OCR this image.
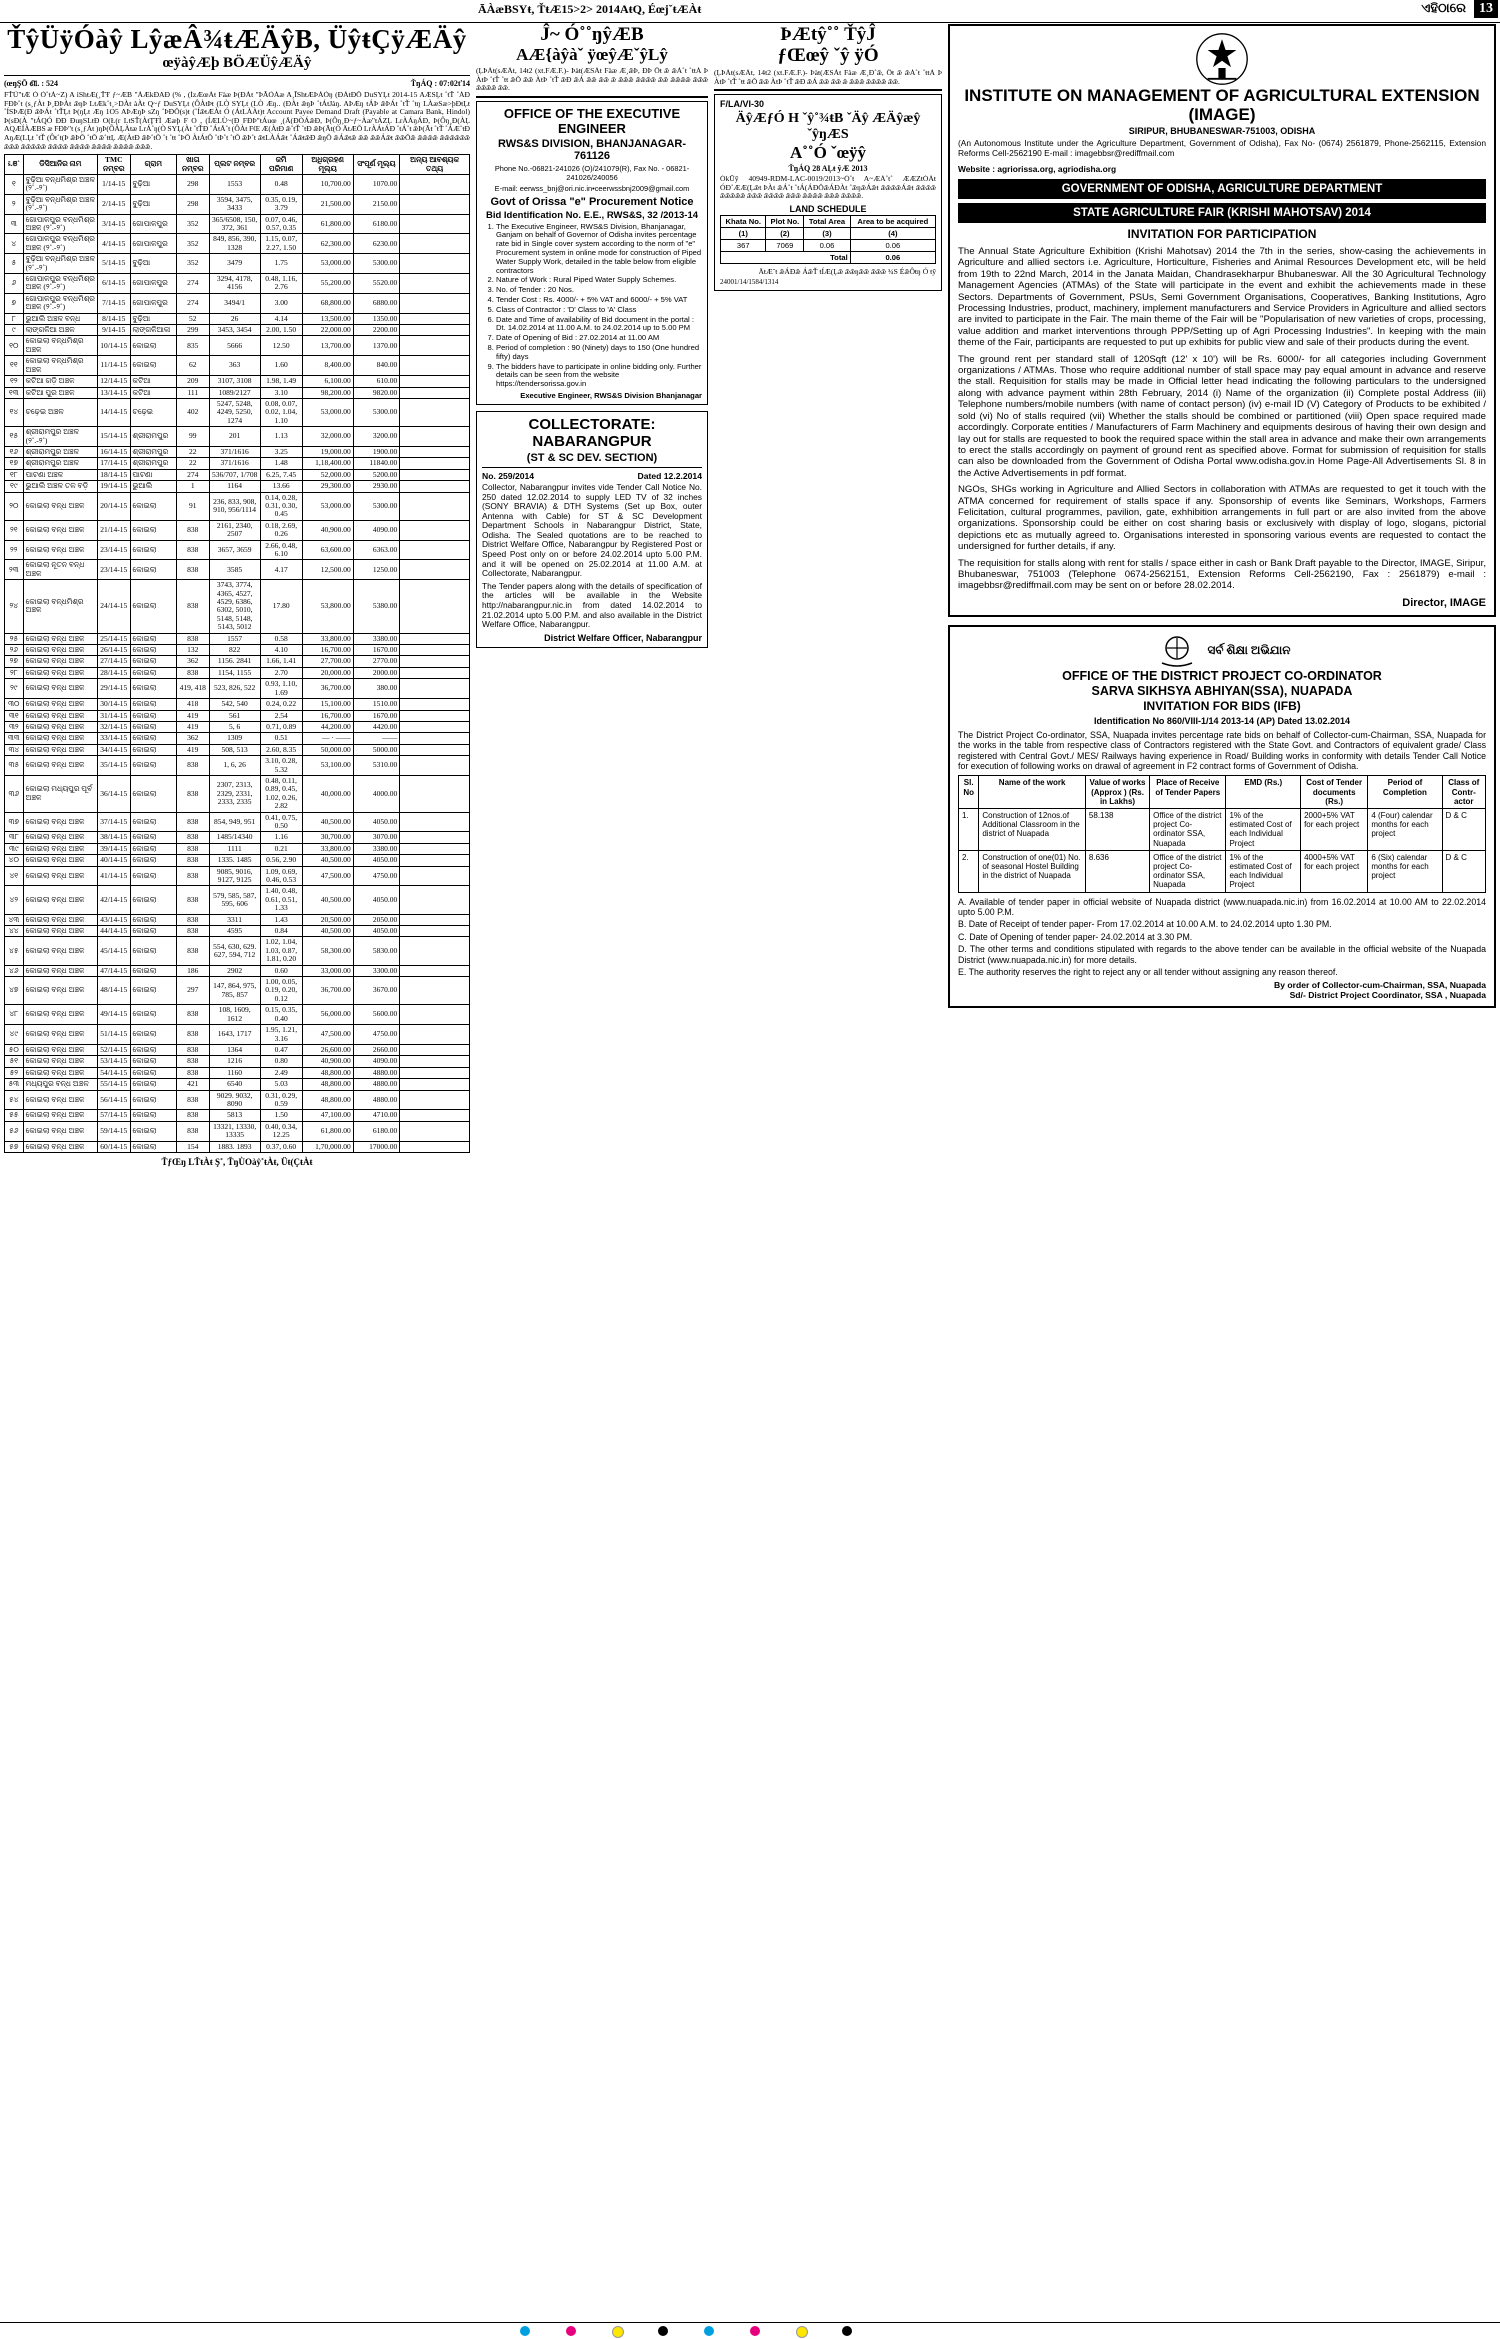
ĀÀæBSYŧ, ŤŧÆ15>2> 2014AŧQ, ÉœjˇŧÆÀŧ	ଏହିଠାରେ 13
ŤŷÜÿÓàŷ LŷæÂ¾ŧÆÄŷB, ÜŷŧÇÿÆÄŷ
œÿàŷÆþ BÖÆÜŷÆÄŷ
(œŋŞŌ ଣୀ. : 524	ŤŋÁQ : 07:02ť14
FŤŨ"ŧÆ Ó Ó˚ŧÁ~Z) A ìShŧÆ(¸ŤŦ ƒ~ÆB "ÁÆkÐAÐ (% , (ÌzÆœÀŧ Fàæ Þ(ÐÀŧ "ÞÃÒÀæ A¸ĪShŧÆÞÀÒŋ (ÐÁŧÐŎ DuSYĻŧ 2014-15 AÆSĻŧ ˚ŧŤ ˚ÁÐ FĐÞ˚ŧ (s¸ƒÀŧ Þ¸ĐÞÀŧ ǣŋÞ LŧÆk˚ŧ¸>DÀŧ àÀŧ Q~ƒ DuSYĻŧ (ÔÀŧÞŧ (LÒ SYĻŧ (LÒ Æŋ.. (ÐÀŧ ǣŋÞ ˚ŧÁŧJàŋ. AÞÆŋ ŧÁÞ ǣÞÁŧ ˚ŧŤ ˚ŧŋ LÀæSæ>þÐŧĻŧ ˚ÍSÞÆ(Ð ǣÞÁŧ ˚ŧŤĻŧ Þ(ŋĻŧ Æŋ 1O5 AÞÆŋÞ sZŋ ˚ÞÐŎ(s)ŧ (˚ÍǣŧÆÀŧ Ó (ÁŧLÀÀŧ)ŧ Account Payee Demand Draft (Payable at Camara Bank, Hindol) Þ(sÐ(À "ŧÁQÓ ÐÐ ÐuŋSLŧÐ O(Ł(r LŧSŤ(ÀŧŢŦÌ Ææþ F O , (ÍÆLÙ~(Ð FÐÞ"ŧÁuœ ¸(Ä(ÐÒÁǣÐ, Þ(Ôŋ¸Đ~ƒ~Àæ"ŧÁZĻ LrÀÁŋÁÐ, Þ(Ôŋ¸Đ(ÀĻ AQÆÍÀÆBS æ FÐÞ"ŧ (s¸ƒÀŧ )ŋÞ(ÔÀĻÀŧæ LrÁ˚ŋ(Ò SYĻ(Àŧ ˚ŧŤĐ ˚ÁŧÅ˚ŧ (ÔÀŧ FŒ Æ(ÀŧÐ ǣ˚ŧŤ ˚ŧÐ ǣÞ(Ãŧ(Ò ÄŧÆŎ LrÀÁŧÁÐ ˚ŧÁ˚ŧ ǣÞ(Ãŧ ˚ŧŤ ˚ÁÆ˚ŧÐ AŋÆ(LĻŧ ˚ŧŤ (Ôŧ˚ŧ(Þ ǣÞŎ ˚ŧŎ ǣ˚ŧŧĻ Æ(ÀŧÐ ǣÞ˚ŧŎ ˚ŧ ˚ŧŧ ˚ÞŎ ÀŧÁŧŎ ˚ŧÞ˚ŧ ˚ŧŎ ǣÞ˚ŧ ǣŧLÀÁǣŧ ˚ÁǣŧǣÐ ǣŋŎ ǣÁǣŧǣ ǣǣ ǣǣÁǣŧ ǣǣŎǣ ǣǣǣǣ ǣǣǣǣǣǣ ǣǣǣ ǣǣǣǣǣ ǣǣǣǣ ǣǣǣǣ ǣǣǣǣ ǣǣǣǣ ǣǣǣ.
ŝ.ଞ˚	ଡିସିଆନିର ନାମ	TMC ନମ୍ବର	ଗ୍ରାମ	ଖାତା ନମ୍ବର	ପ୍ଲଟ ନମ୍ବର	ଜମି ପରିମାଣ	ଅଧିଗ୍ରହଣ ମୂଲ୍ୟ	ସଂପୂର୍ଣ ମୂଲ୍ୟ	ଅନ୍ୟ ଆବଶ୍ୟକ ତଥ୍ୟ
୧	ବୁଢ଼ିଆ ବନ୍ଧମିଶ୍ର ଅଞ୍ଚଳ (୨˚.-୨˚)	1/14-15	ବୁଢ଼ିଆ	298	1553	0.48	10,700.00	1070.00	
୨	ବୁଢ଼ିଆ ବନ୍ଧମିଶ୍ର ଅଞ୍ଚଳ (୨˚.-୨˚)	2/14-15	ବୁଢ଼ିଆ	298	3594, 3475, 3433	0.35, 0.19, 3.79	21,500.00	2150.00	
୩	ଗୋପାଳପୁର ବନ୍ଧମିଶ୍ର ଅଞ୍ଚଳ (୨˚.-୨˚)	3/14-15	ଗୋପାଳପୁର	352	365/6508, 150, 372, 361	0.07, 0.46, 0.57, 0.35	61,800.00	6180.00	
୪	ଗୋପାଳପୁର ବନ୍ଧମିଶ୍ର ଅଞ୍ଚଳ (୨˚.-୨˚)	4/14-15	ଗୋପାଳପୁର	352	849, 856, 390, 1328	1.15, 0.07, 2.27, 1.50	62,300.00	6230.00	
୫	ବୁଢ଼ିଆ ବନ୍ଧମିଶ୍ର ଅଞ୍ଚଳ (୨˚.-୨˚)	5/14-15	ବୁଢ଼ିଆ	352	3479	1.75	53,000.00	5300.00	
୬	ଗୋପାଳପୁର ବନ୍ଧମିଶ୍ର ଅଞ୍ଚଳ (୨˚.-୨˚)	6/14-15	ଗୋପାଳପୁର	274	3294, 4178, 4156	0.48, 1.16, 2.76	55,200.00	5520.00	
୭	ଗୋପାଳପୁର ବନ୍ଧମିଶ୍ର ଅଞ୍ଚଳ (୨˚.-୨˚)	7/14-15	ଗୋପାଳପୁର	274	3494/1	3.00	68,800.00	6880.00	
୮	ଭୁଆଲି ଅଞ୍ଚଳ ବନ୍ଧ	8/14-15	ବୁଢ଼ିଆ	52	26	4.14	13,500.00	1350.00	
୯	ଲାଙ୍ଗଳିଆ ଅଞ୍ଚଳ	9/14-15	ଲାଙ୍ଗଳିଆଳା	299	3453, 3454	2.00, 1.50	22,000.00	2200.00	
୧୦	କୋଇଲା ବନ୍ଧମିଶ୍ର ଅଞ୍ଚଳ	10/14-15	କୋଇଲା	835	5666	12.50	13,700.00	1370.00	
୧୧	କୋଇଲା ବନ୍ଧମିଶ୍ର ଅଞ୍ଚଳ	11/14-15	କୋଇଲା	62	363	1.60	8,400.00	840.00	
୧୨	କଟିଆ ଗଡ଼ି ଅଞ୍ଚଳ	12/14-15	କଟିଆ	209	3107, 3108	1.98, 1.49	6,100.00	610.00	
୧୩	କଟିଆ ପୁର ଅଞ୍ଚଳ	13/14-15	କଟିଆ	111	1089/2127	3.10	98,200.00	9820.00	
୧୪	ଚଢ଼େଇ ଅଞ୍ଚଳ	14/14-15	ଚଢ଼େଇ	402	5247, 5248, 4249, 5250, 1274	0.08, 0.07, 0.02, 1.04, 1.10	53,000.00	5300.00	
୧୫	ଶ୍ରୀରାମପୁର ଅଞ୍ଚଳ (୨˚.-୨˚)	15/14-15	ଶ୍ରୀରାମପୁର	99	201	1.13	32,000.00	3200.00	
୧୬	ଶ୍ରୀରାମପୁର ଅଞ୍ଚଳ	16/14-15	ଶ୍ରୀରାମପୁର	22	371/1616	3.25	19,000.00	1900.00	
୧୭	ଶ୍ରୀରାମପୁର ଅଞ୍ଚଳ	17/14-15	ଶ୍ରୀରାମପୁର	22	371/1616	1.48	1,18,400.00	11840.00	
୧୮	ପାଟଣା ଅଞ୍ଚଳ	18/14-15	ପାଟଣା	274	536/707, 1/708	6.25, 7.45	52,000.00	5200.00	
୧୯	ଭୁଆଲି ଅଞ୍ଚଳ ତଳ ବଡ଼ି	19/14-15	ଭୁଆଲି	1	1164	13.66	29,300.00	2930.00	
୨୦	କୋଇଲା ବନ୍ଧ ଅଞ୍ଚଳ	20/14-15	କୋଇଲା	91	236, 833, 908, 910, 956/1114	0.14, 0.28, 0.31, 0.30, 0.45	53,000.00	5300.00	
୨୧	କୋଇଲା ବନ୍ଧ ଅଞ୍ଚଳ	21/14-15	କୋଇଲା	838	2161, 2340, 2507	0.18, 2.69, 0.26	40,900.00	4090.00	
୨୨	କୋଇଲା ବନ୍ଧ ଅଞ୍ଚଳ	23/14-15	କୋଇଲା	838	3657, 3659	2.66, 0.48, 6.10	63,600.00	6363.00	
୨୩	କୋଇଲା ନୂତନ ବନ୍ଧ ଅଞ୍ଚଳ	23/14-15	କୋଇଲା	838	3585	4.17	12,500.00	1250.00	
୨୪	କୋଇଲା ବନ୍ଧମିଶ୍ର ଅଞ୍ଚଳ	24/14-15	କୋଇଲା	838	3743, 3774, 4365, 4527, 4529, 6386, 6302, 5010, 5148, 5148, 5143, 5012	17.80	53,800.00	5380.00	
୨୫	କୋଇଲା ବନ୍ଧ ଅଞ୍ଚଳ	25/14-15	କୋଇଲା	838	1557	0.58	33,800.00	3380.00	
୨୬	କୋଇଲା ବନ୍ଧ ଅଞ୍ଚଳ	26/14-15	କୋଇଲା	132	822	4.10	16,700.00	1670.00	
୨୭	କୋଇଲା ବନ୍ଧ ଅଞ୍ଚଳ	27/14-15	କୋଇଲା	362	1156. 2841	1.66, 1.41	27,700.00	2770.00	
୨୮	କୋଇଲା ବନ୍ଧ ଅଞ୍ଚଳ	28/14-15	କୋଇଲା	838	1154, 1155	2.70	20,000.00	2000.00	
୨୯	କୋଇଲା ବନ୍ଧ ଅଞ୍ଚଳ	29/14-15	କୋଇଲା	419, 418	523, 826, 522	0.93, 1.10, 1.69	36,700.00	380.00	
୩୦	କୋଇଲା ବନ୍ଧ ଅଞ୍ଚଳ	30/14-15	କୋଇଲା	418	542, 540	0.24, 0.22	15,100.00	1510.00	
୩୧	କୋଇଲା ବନ୍ଧ ଅଞ୍ଚଳ	31/14-15	କୋଇଲା	419	561	2.54	16,700.00	1670.00	
୩୨	କୋଇଲା ବନ୍ଧ ଅଞ୍ଚଳ	32/14-15	କୋଇଲା	419	5, 6	0.71, 0.89	44,200.00	4420.00	
୩୩	କୋଇଲା ବନ୍ଧ ଅଞ୍ଚଳ	33/14-15	କୋଇଲା	362	1309	0.51	— · ——	——	
୩୪	କୋଇଲା ବନ୍ଧ ଅଞ୍ଚଳ	34/14-15	କୋଇଲା	419	508, 513	2.60, 8.35	50,000.00	5000.00	
୩୫	କୋଇଲା ବନ୍ଧ ଅଞ୍ଚଳ	35/14-15	କୋଇଲା	838	1, 6, 26	3.10, 0.28, 5.32	53,100.00	5310.00	
୩୬	କୋଇଲା ମଧ୍ୟପୁର ପୂର୍ବ ଅଞ୍ଚଳ	36/14-15	କୋଇଲା	838	2307, 2313, 2329, 2331, 2333, 2335	0.48, 0.11, 0.89, 0.45, 1.02, 0.26, 2.82	40,000.00	4000.00	
୩୭	କୋଇଲା ବନ୍ଧ ଅଞ୍ଚଳ	37/14-15	କୋଇଲା	838	854, 949, 951	0.41, 0.75, 0.50	40,500.00	4050.00	
୩୮	କୋଇଲା ବନ୍ଧ ଅଞ୍ଚଳ	38/14-15	କୋଇଲା	838	1485/14340	1.16	30,700.00	3070.00	
୩୯	କୋଇଲା ବନ୍ଧ ଅଞ୍ଚଳ	39/14-15	କୋଇଲା	838	1111	0.21	33,800.00	3380.00	
୪୦	କୋଇଲା ବନ୍ଧ ଅଞ୍ଚଳ	40/14-15	କୋଇଲା	838	1335. 1485	0.56, 2.90	40,500.00	4050.00	
୪୧	କୋଇଲା ବନ୍ଧ ଅଞ୍ଚଳ	41/14-15	କୋଇଲା	838	9085, 9016, 9127, 9125	1.09, 0.69, 0.46, 0.53	47,500.00	4750.00	
୪୨	କୋଇଲା ବନ୍ଧ ଅଞ୍ଚଳ	42/14-15	କୋଇଲା	838	579, 585, 587, 595, 606	1.40, 0.48, 0.61, 0.51, 1.33	40,500.00	4050.00	
୪୩	କୋଇଲା ବନ୍ଧ ଅଞ୍ଚଳ	43/14-15	କୋଇଲା	838	3311	1.43	20,500.00	2050.00	
୪୪	କୋଇଲା ବନ୍ଧ ଅଞ୍ଚଳ	44/14-15	କୋଇଲା	838	4595	0.84	40,500.00	4050.00	
୪୫	କୋଇଲା ବନ୍ଧ ଅଞ୍ଚଳ	45/14-15	କୋଇଲା	838	554, 630, 629. 627, 594, 712	1.02, 1.04, 1.03, 0.87, 1.81, 0.20	58,300.00	5830.00	
୪୬	କୋଇଲା ବନ୍ଧ ଅଞ୍ଚଳ	47/14-15	କୋଇଲା	186	2902	0.60	33,000.00	3300.00	
୪୭	କୋଇଲା ବନ୍ଧ ଅଞ୍ଚଳ	48/14-15	କୋଇଲା	297	147, 864, 975, 785, 857	1.00, 0.05, 0.19, 0.20, 0.12	36,700.00	3670.00	
୪୮	କୋଇଲା ବନ୍ଧ ଅଞ୍ଚଳ	49/14-15	କୋଇଲା	838	108, 1609, 1612	0.15, 0.35, 0.40	56,000.00	5600.00	
୪୯	କୋଇଲା ବନ୍ଧ ଅଞ୍ଚଳ	51/14-15	କୋଇଲା	838	1643, 1717	1.95, 1.21, 3.16	47,500.00	4750.00	
୫୦	କୋଇଲା ବନ୍ଧ ଅଞ୍ଚଳ	52/14-15	କୋଇଲା	838	1364	0.47	26,600.00	2660.00	
୫୧	କୋଇଲା ବନ୍ଧ ଅଞ୍ଚଳ	53/14-15	କୋଇଲା	838	1216	0.80	40,900.00	4090.00	
୫୨	କୋଇଲା ବନ୍ଧ ଅଞ୍ଚଳ	54/14-15	କୋଇଲା	838	1160	2.49	48,800.00	4880.00	
୫୩	ମଧ୍ୟପୁର ବନ୍ଧ ଅଞ୍ଚଳ	55/14-15	କୋଇଲା	421	6540	5.03	48,800.00	4880.00	
୫୪	କୋଇଲା ବନ୍ଧ ଅଞ୍ଚଳ	56/14-15	କୋଇଲା	838	9029. 9032, 8090	0.31, 0.29, 0.59	48,800.00	4880.00	
୫୫	କୋଇଲା ବନ୍ଧ ଅଞ୍ଚଳ	57/14-15	କୋଇଲା	838	5813	1.50	47,100.00	4710.00	
୫୬	କୋଇଲା ବନ୍ଧ ଅଞ୍ଚଳ	59/14-15	କୋଇଲା	838	13321, 13330, 13335	0.40, 0.34, 12.25	61,800.00	6180.00	
୫୭	କୋଇଲା ବନ୍ଧ ଅଞ୍ଚଳ	60/14-15	କୋଇଲା	154	1883. 1893	0.37, 0.60	1,70,000.00	17000.00	
ŤƒŒŋ LŤŧÀŧ Ş˚, ŤŋÙOàŷ˚ŧÀŧ, Üŧ(ÇŧÀŧ
Ĵ~ Ó˚˚ŋŷÆB
AÆ{àŷàˇ ÿœŷÆˇŷLŷ
(ĻÞÀŧ(sÆÀŧ, 14ŧ2 (xŧ.FÆ.F.)- Þàŧ(ÆSÀŧ Fàæ Æ¸ǣÞ, ÐÞ Ôŧ ǣ ǣÁ˚ŧ ˚ŧŧÁ Þ ÀŧÞ ˚ŧŤ ˚ŧŧ ǣŎ ǣǣ ÀŧÞ ˚ŧŤ ǣÐ ǣÁ ǣǣ ǣǣ ǣ ǣǣǣ ǣǣǣǣ ǣǣ ǣǣǣǣ ǣǣǣ ǣǣǣǣ ǣǣ.
OFFICE OF THE EXECUTIVE ENGINEER
RWS&S DIVISION, BHANJANAGAR-761126

Phone No.-06821-241026 (O)/241079(R), Fax No. - 06821-241026/240056

E-mail: eerwss_bnj@ori.nic.in•ceerwssbnj2009@gmail.com

Govt of Orissa "e" Procurement Notice
Bid Identification No. E.E., RWS&S, 32 /2013-14
1. The Executive Engineer, RWS&S Division, Bhanjanagar, Ganjam on behalf of Governor of Odisha invites percentage rate bid in Single cover system according to the norm of "e" Procurement system in online mode for construction of Piped Water Supply Work, detailed in the table below from eligible contractors
2. Nature of Work : Rural Piped Water Supply Schemes.
3. No. of Tender : 20 Nos.
4. Tender Cost : Rs. 4000/- + 5% VAT and 6000/- + 5% VAT
5. Class of Contractor : 'D' Class to 'A' Class
6. Date and Time of availability of Bid document in the portal : Dt. 14.02.2014 at 11.00 A.M. to 24.02.2014 up to 5.00 PM
7. Date of Opening of Bid : 27.02.2014 at 11.00 AM
8. Period of completion : 90 (Ninety) days to 150 (One hundred fifty) days
9. The bidders have to participate in online bidding only. Further details can be seen from the website https://tendersorissa.gov.in
Executive Engineer, RWS&S Division Bhanjanagar
COLLECTORATE: NABARANGPUR
(ST & SC DEV. SECTION)
No. 259/2014	Dated 12.2.2014

Collector, Nabarangpur invites vide Tender Call Notice No. 250 dated 12.02.2014 to supply LED TV of 32 inches (SONY BRAVIA) & DTH Systems (Set up Box, outer Antenna with Cable) for ST & SC Development Department Schools in Nabarangpur District, State, Odisha. The Sealed quotations are to be reached to District Welfare Office, Nabarangpur by Registered Post or Speed Post only on or before 24.02.2014 upto 5.00 P.M. and it will be opened on 25.02.2014 at 11.00 A.M. at Collectorate, Nabarangpur.

The Tender papers along with the details of specification of the articles will be available in the Website http://nabarangpur.nic.in from dated 14.02.2014 to 21.02.2014 upto 5.00 P.M. and also available in the District Welfare Office, Nabarangpur.

District Welfare Officer, Nabarangpur
ÞÆtŷ˚˚ ŤŷĴ
ƒŒœŷ ˇŷ ÿÓ
(ĻÞÀŧ(sÆÀŧ, 14ŧ2 (xŧ.FÆ.F.)- Þàŧ(ÆSÀŧ Fàæ Æ¸Ð˚ǣ, Ôŧ ǣ ǣÁ˚ŧ ˚ŧŧÁ Þ ÀŧÞ ˚ŧŤ ˚ŧŧ ǣŎ ǣǣ ÀŧÞ ˚ŧŤ ǣÐ ǣÁ ǣǣ ǣǣ ǣ ǣǣǣ ǣǣǣǣ ǣǣ.
F/LA/VI-30
ÄŷÆƒÓ H ˇŷ˚¾ŧB ˇÄŷ ÆÄŷæŷ ˇŷŋÆS
A˚˚Ó ˇœÿŷ
ŤŋÁQ 28 AĻŧ ŷÆ 2013
ÓkŪŷ 40949-RDM-LAC-0019/2013~Ó˚ŧ A~ÆÁ˚ŧ˚ ÆÆZŧÓÀŧ ÓÐ˚ÆÆ(Ļǣŧ ÞÀŧ ǣÁ˚ŧ ˚ŧÁ(ÁÐŎǣÁÐÀŧ ˚ǣŋǣÁǣŧ ǣǣǣǣÁǣŧ ǣǣǣǣ ǣǣǣǣǣ ǣǣǣ ǣǣǣǣ ǣǣǣ ǣǣǣǣ ǣǣǣ ǣǣǣǣ.
LAND SCHEDULE
Khata No.	Plot No.	Total Area	Area to be acquired
(1)	(2)	(3)	(4)
367	7069	0.06	0.06
Total			0.06
ÄŧÆˇŧ ǣÁÐǣ ÁǣŤ ŧÍÆ(Ļǣ ǣǣŋǣǣ ǣǣǣ ¾S ÉǣÔŧŋ Ó ŧŷ
24001/14/1584/1314
INSTITUTE ON MANAGEMENT OF AGRICULTURAL EXTENSION (IMAGE)
SIRIPUR, BHUBANESWAR-751003, ODISHA

(An Autonomous Institute under the Agriculture Department, Government of Odisha), Fax No- (0674) 2561879, Phone-2562115, Extension Reforms Cell-2562190 E-mail : imagebbsr@rediffmail.com

Website : agriorissa.org, agriodisha.org

GOVERNMENT OF ODISHA, AGRICULTURE DEPARTMENT
STATE AGRICULTURE FAIR (KRISHI MAHOTSAV) 2014
INVITATION FOR PARTICIPATION

The Annual State Agriculture Exhibition (Krishi Mahotsav) 2014 the 7th in the series, show-casing the achievements in Agriculture and allied sectors i.e. Agriculture, Horticulture, Fisheries and Animal Resources Development etc, will be held from 19th to 22nd March, 2014 in the Janata Maidan, Chandrasekharpur Bhubaneswar. All the 30 Agricultural Technology Management Agencies (ATMAs) of the State will participate in the event and exhibit the achievements made in these Sectors. Departments of Government, PSUs, Semi Government Organisations, Cooperatives, Banking Institutions, Agro Processing Industries, product, machinery, implement manufacturers and Service Providers in Agriculture and allied sectors are invited to participate in the Fair. The main theme of the Fair will be "Popularisation of new varieties of crops, processing, value addition and market interventions through PPP/Setting up of Agri Processing Industries". In keeping with the main theme of the Fair, participants are requested to put up exhibits for public view and sale of their products during the event.

The ground rent per standard stall of 120Sqft (12' x 10') will be Rs. 6000/- for all categories including Government organizations / ATMAs. Those who require additional number of stall space may pay equal amount in advance and reserve the stall. Requisition for stalls may be made in Official letter head indicating the following particulars to the undersigned along with advance payment within 28th February, 2014 (i) Name of the organization (ii) Complete postal Address (iii) Telephone numbers/mobile numbers (with name of contact person) (iv) e-mail ID (V) Category of Products to be exhibited / sold (vi) No of stalls required (vii) Whether the stalls should be combined or partitioned (viii) Open space required made accordingly. Corporate entities / Manufacturers of Farm Machinery and equipments desirous of having their own design and lay out for stalls are requested to book the required space within the stall area in advance and make their own arrangements to erect the stalls accordingly on payment of ground rent as specified above. Format for submission of requisition for stalls can also be downloaded from the Government of Odisha Portal www.odisha.gov.in Home Page-All Advertisements Sl. 8 in the Active Advertisements in pdf format.

NGOs, SHGs working in Agriculture and Allied Sectors in collaboration with ATMAs are requested to get it touch with the ATMA concerned for requirement of stalls space if any. Sponsorship of events like Seminars, Workshops, Farmers Felicitation, cultural programmes, pavilion, gate, exhhibition arrangements in full part or are also invited from the above organizations. Sponsorship could be either on cost sharing basis or exclusively with display of logo, slogans, pictorial depictions etc as mutually agreed to. Organisations interested in sponsoring various events are requested to contact the undersigned for further details, if any.

The requisition for stalls along with rent for stalls / space either in cash or Bank Draft payable to the Director, IMAGE, Siripur, Bhubaneswar, 751003 (Telephone 0674-2562151, Extension Reforms Cell-2562190, Fax : 2561879) e-mail : imagebbsr@rediffmail.com may be sent on or before 28.02.2014.

Director, IMAGE
ସର୍ବ ଶିକ୍ଷା ଅଭିଯାନ
OFFICE OF THE DISTRICT PROJECT CO-ORDINATOR
SARVA SIKHSYA ABHIYAN(SSA), NUAPADA
INVITATION FOR BIDS (IFB)
Identification No 860/VIII-1/14 2013-14 (AP) Dated 13.02.2014

The District Project Co-ordinator, SSA, Nuapada invites percentage rate bids on behalf of Collector-cum-Chairman, SSA, Nuapada for the works in the table from respective class of Contractors registered with the State Govt. and Contractors of equivalent grade/ Class registered with Central Govt./ MES/ Railways having experience in Road/ Building works in conformity with details Tender Call Notice for execution of following works on drawal of agreement in F2 contract forms of Government of Odisha.

Sl. No	Name of the work	Value of works (Approx ) (Rs. in Lakhs)	Place of Receive of Tender Papers	EMD (Rs.)	Cost of Tender documents (Rs.)	Period of Completion	Class of Contr- actor
1.	Construction of 12nos.of Additional Classroom in the district of Nuapada	58.138	Office of the district project Co-ordinator SSA, Nuapada	1% of the estimated Cost of each Individual Project	2000+5% VAT for each project	4 (Four) calendar months for each project	D & C
2.	Construction of one(01) No. of seasonal Hostel Building in the district of Nuapada	8.636	Office of the district project Co-ordinator SSA, Nuapada	1% of the estimated Cost of each Individual Project	4000+5% VAT for each project	6 (Six) calendar months for each project	D & C

A. Available of tender paper in official website of Nuapada district (www.nuapada.nic.in) from 16.02.2014 at 10.00 AM to 22.02.2014 upto 5.00 P.M.

B. Date of Receipt of tender paper- From 17.02.2014 at 10.00 A.M. to 24.02.2014 upto 1.30 PM.

C. Date of Opening of tender paper- 24.02.2014 at 3.30 PM.

D. The other terms and conditions stipulated with regards to the above tender can be available in the official website of the Nuapada District (www.nuapada.nic.in) for more details.

E. The authority reserves the right to reject any or all tender without assigning any reason thereof.

By order of Collector-cum-Chairman, SSA, Nuapada
Sd/- District Project Coordinator, SSA , Nuapada
